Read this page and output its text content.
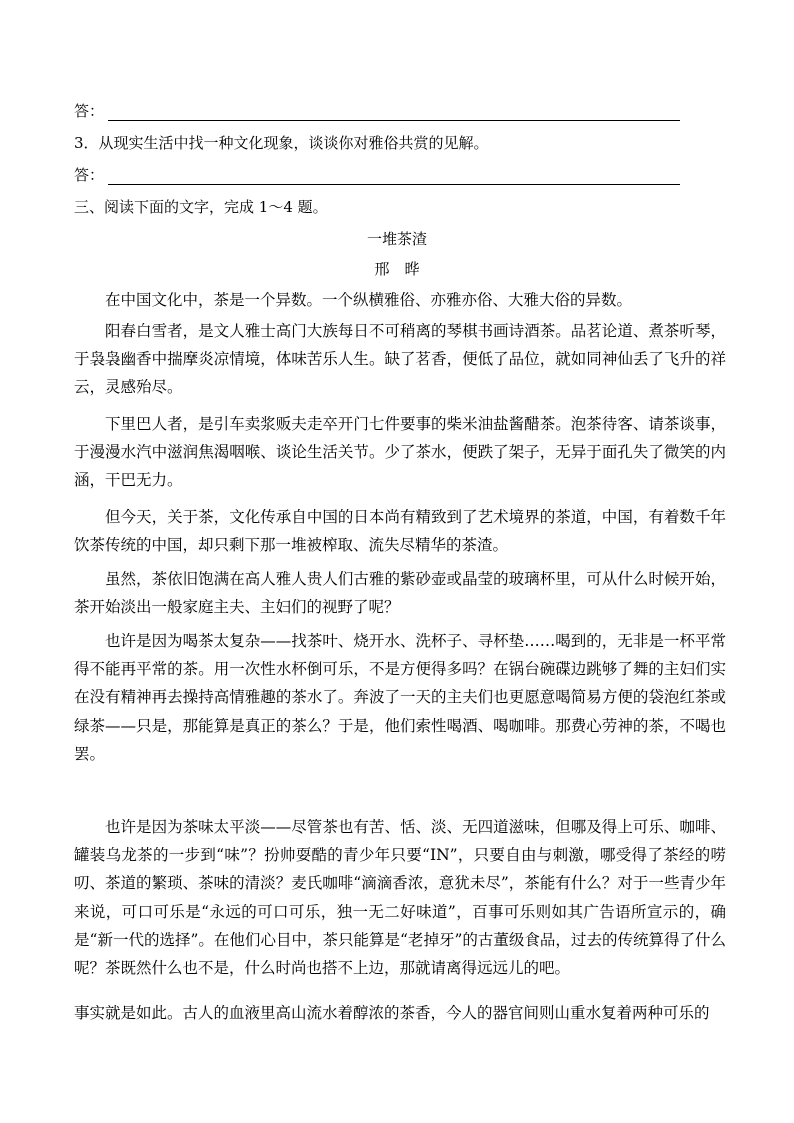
答：
3．从现实生活中找一种文化现象，谈谈你对雅俗共赏的见解。
答：
三、阅读下面的文字，完成 1～4 题。
一堆茶渣
邢　晔

在中国文化中，茶是一个异数。一个纵横雅俗、亦雅亦俗、大雅大俗的异数。

阳春白雪者，是文人雅士高门大族每日不可稍离的琴棋书画诗酒茶。品茗论道、煮茶听琴，于袅袅幽香中揣摩炎凉情境，体味苦乐人生。缺了茗香，便低了品位，就如同神仙丢了飞升的祥云，灵感殆尽。

下里巴人者，是引车卖浆贩夫走卒开门七件要事的柴米油盐酱醋茶。泡茶待客、请茶谈事，于漫漫水汽中滋润焦渴咽喉、谈论生活关节。少了茶水，便跌了架子，无异于面孔失了微笑的内涵，干巴无力。

但今天，关于茶，文化传承自中国的日本尚有精致到了艺术境界的茶道，中国，有着数千年饮茶传统的中国，却只剩下那一堆被榨取、流失尽精华的茶渣。

虽然，茶依旧饱满在高人雅人贵人们古雅的紫砂壶或晶莹的玻璃杯里，可从什么时候开始，茶开始淡出一般家庭主夫、主妇们的视野了呢？

也许是因为喝茶太复杂——找茶叶、烧开水、洗杯子、寻杯垫……喝到的，无非是一杯平常得不能再平常的茶。用一次性水杯倒可乐，不是方便得多吗？在锅台碗碟边跳够了舞的主妇们实在没有精神再去操持高情雅趣的茶水了。奔波了一天的主夫们也更愿意喝简易方便的袋泡红茶或绿茶——只是，那能算是真正的茶么？于是，他们索性喝酒、喝咖啡。那费心劳神的茶，不喝也罢。

也许是因为茶味太平淡——尽管茶也有苦、恬、淡、无四道滋味，但哪及得上可乐、咖啡、罐装乌龙茶的一步到“味”？扮帅耍酷的青少年只要“IN”，只要自由与刺激，哪受得了茶经的唠叨、茶道的繁琐、茶味的清淡？麦氏咖啡“滴滴香浓，意犹未尽”，茶能有什么？对于一些青少年来说，可口可乐是“永远的可口可乐，独一无二好味道”，百事可乐则如其广告语所宣示的，确是“新一代的选择”。在他们心目中，茶只能算是“老掉牙”的古董级食品，过去的传统算得了什么呢？茶既然什么也不是，什么时尚也搭不上边，那就请离得远远儿的吧。

事实就是如此。古人的血液里高山流水着醇浓的茶香，今人的器官间则山重水复着两种可乐的
